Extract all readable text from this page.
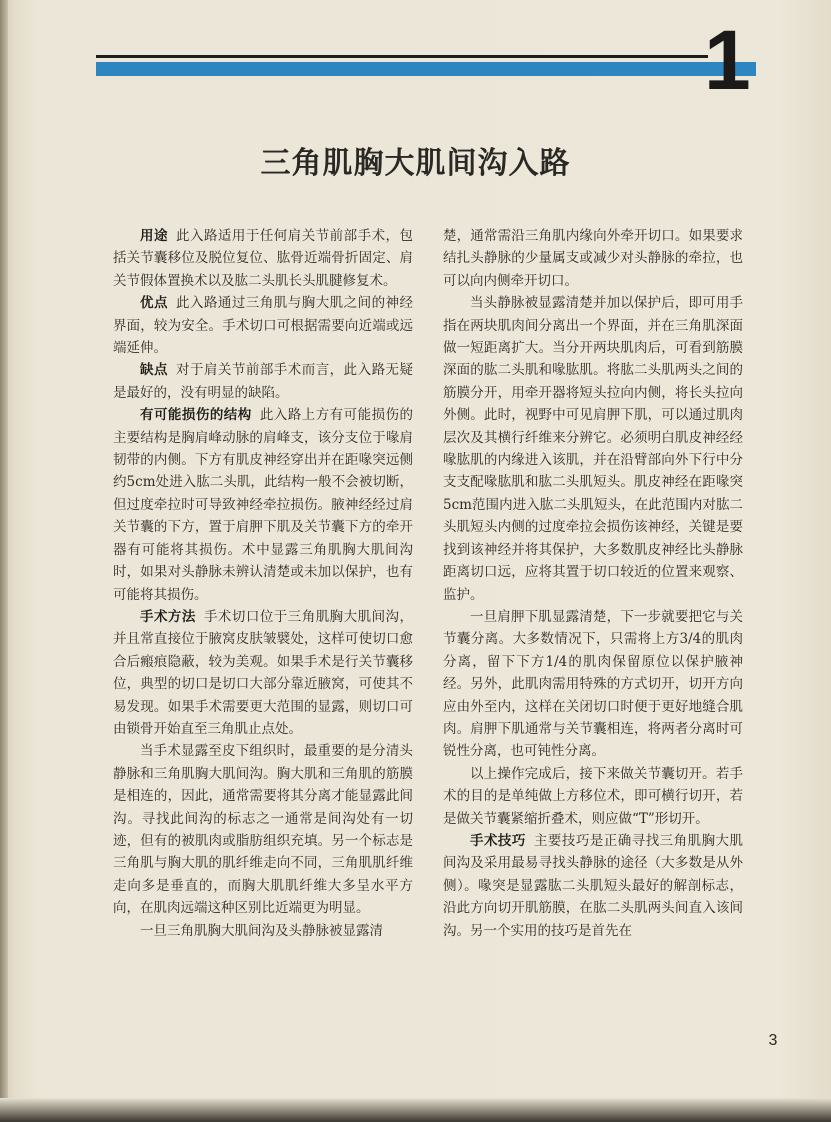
1
三角肌胸大肌间沟入路

用途 此入路适用于任何肩关节前部手术，包括关节囊移位及脱位复位、肱骨近端骨折固定、肩关节假体置换术以及肱二头肌长头肌腱修复术。

优点 此入路通过三角肌与胸大肌之间的神经界面，较为安全。手术切口可根据需要向近端或远端延伸。

缺点 对于肩关节前部手术而言，此入路无疑是最好的，没有明显的缺陷。

有可能损伤的结构 此入路上方有可能损伤的主要结构是胸肩峰动脉的肩峰支，该分支位于喙肩韧带的内侧。下方有肌皮神经穿出并在距喙突远侧约5cm处进入肱二头肌，此结构一般不会被切断，但过度牵拉时可导致神经牵拉损伤。腋神经经过肩关节囊的下方，置于肩胛下肌及关节囊下方的牵开器有可能将其损伤。术中显露三角肌胸大肌间沟时，如果对头静脉未辨认清楚或未加以保护，也有可能将其损伤。

手术方法 手术切口位于三角肌胸大肌间沟，并且常直接位于腋窝皮肤皱襞处，这样可使切口愈合后瘢痕隐蔽，较为美观。如果手术是行关节囊移位，典型的切口是切口大部分靠近腋窝，可使其不易发现。如果手术需要更大范围的显露，则切口可由锁骨开始直至三角肌止点处。

当手术显露至皮下组织时，最重要的是分清头静脉和三角肌胸大肌间沟。胸大肌和三角肌的筋膜是相连的，因此，通常需要将其分离才能显露此间沟。寻找此间沟的标志之一通常是间沟处有一切迹，但有的被肌肉或脂肪组织充填。另一个标志是三角肌与胸大肌的肌纤维走向不同，三角肌肌纤维走向多是垂直的，而胸大肌肌纤维大多呈水平方向，在肌肉远端这种区别比近端更为明显。

一旦三角肌胸大肌间沟及头静脉被显露清

楚，通常需沿三角肌内缘向外牵开切口。如果要求结扎头静脉的少量属支或减少对头静脉的牵拉，也可以向内侧牵开切口。

当头静脉被显露清楚并加以保护后，即可用手指在两块肌肉间分离出一个界面，并在三角肌深面做一短距离扩大。当分开两块肌肉后，可看到筋膜深面的肱二头肌和喙肱肌。将肱二头肌两头之间的筋膜分开，用牵开器将短头拉向内侧，将长头拉向外侧。此时，视野中可见肩胛下肌，可以通过肌肉层次及其横行纤维来分辨它。必须明白肌皮神经经喙肱肌的内缘进入该肌，并在沿臂部向外下行中分支支配喙肱肌和肱二头肌短头。肌皮神经在距喙突5cm范围内进入肱二头肌短头，在此范围内对肱二头肌短头内侧的过度牵拉会损伤该神经，关键是要找到该神经并将其保护，大多数肌皮神经比头静脉距离切口远，应将其置于切口较近的位置来观察、监护。

一旦肩胛下肌显露清楚，下一步就要把它与关节囊分离。大多数情况下，只需将上方3/4的肌肉分离，留下下方1/4的肌肉保留原位以保护腋神经。另外，此肌肉需用特殊的方式切开，切开方向应由外至内，这样在关闭切口时便于更好地缝合肌肉。肩胛下肌通常与关节囊相连，将两者分离时可锐性分离，也可钝性分离。

以上操作完成后，接下来做关节囊切开。若手术的目的是单纯做上方移位术，即可横行切开，若是做关节囊紧缩折叠术，则应做“T”形切开。

手术技巧 主要技巧是正确寻找三角肌胸大肌间沟及采用最易寻找头静脉的途径（大多数是从外侧）。喙突是显露肱二头肌短头最好的解剖标志，沿此方向切开肌筋膜，在肱二头肌两头间直入该间沟。另一个实用的技巧是首先在

3
